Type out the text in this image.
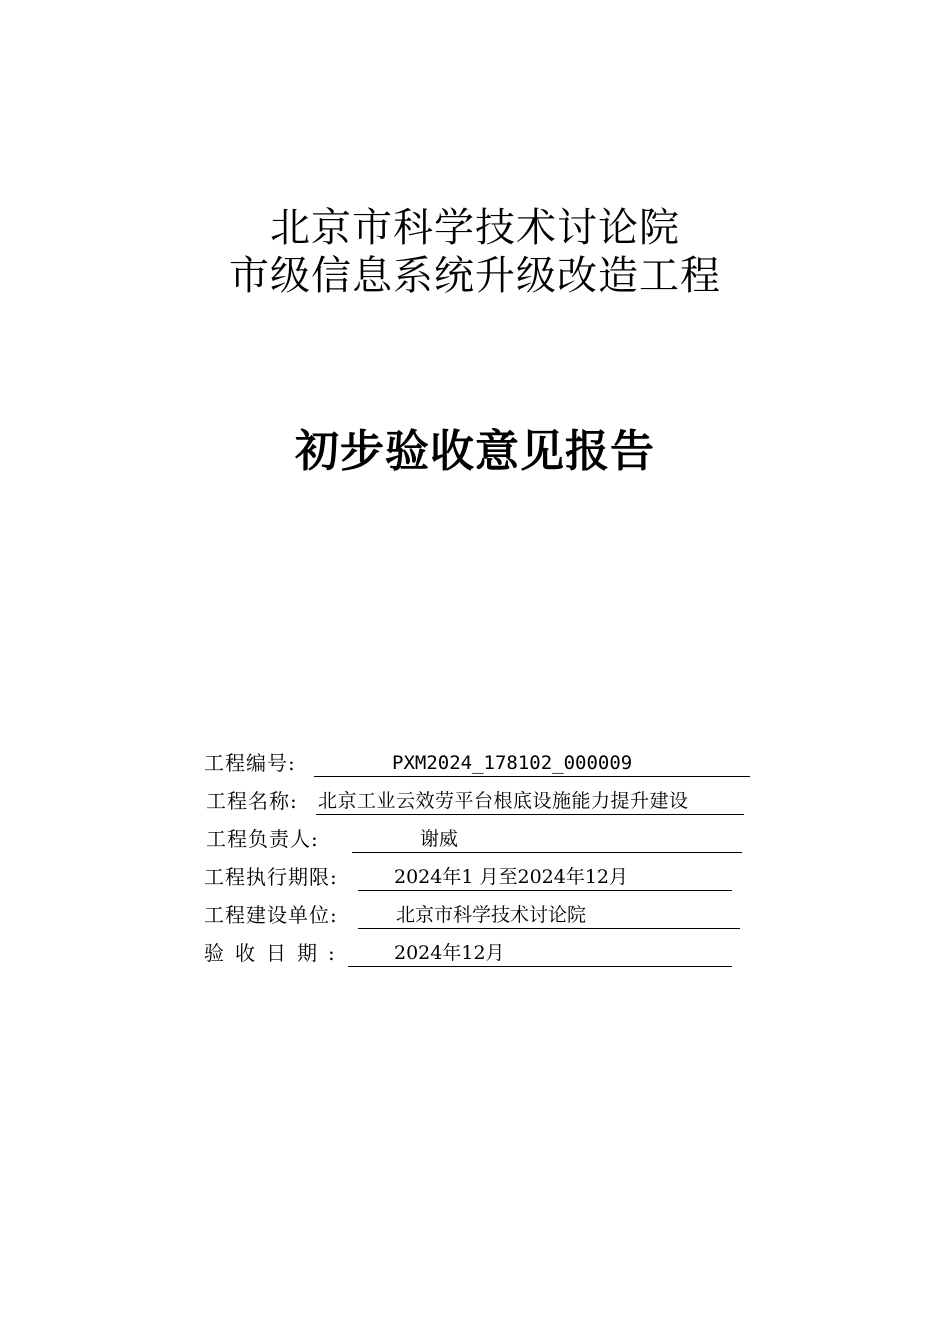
北京市科学技术讨论院
市级信息系统升级改造工程
初步验收意见报告
工程编号:	PXM2024_178102_000009
工程名称: 北京工业云效劳平台根底设施能力提升建设
工程负责人:	谢威
工程执行期限:	2024年1 月至2024年12月
工程建设单位:	北京市科学技术讨论院
验收日期:	2024年12月
